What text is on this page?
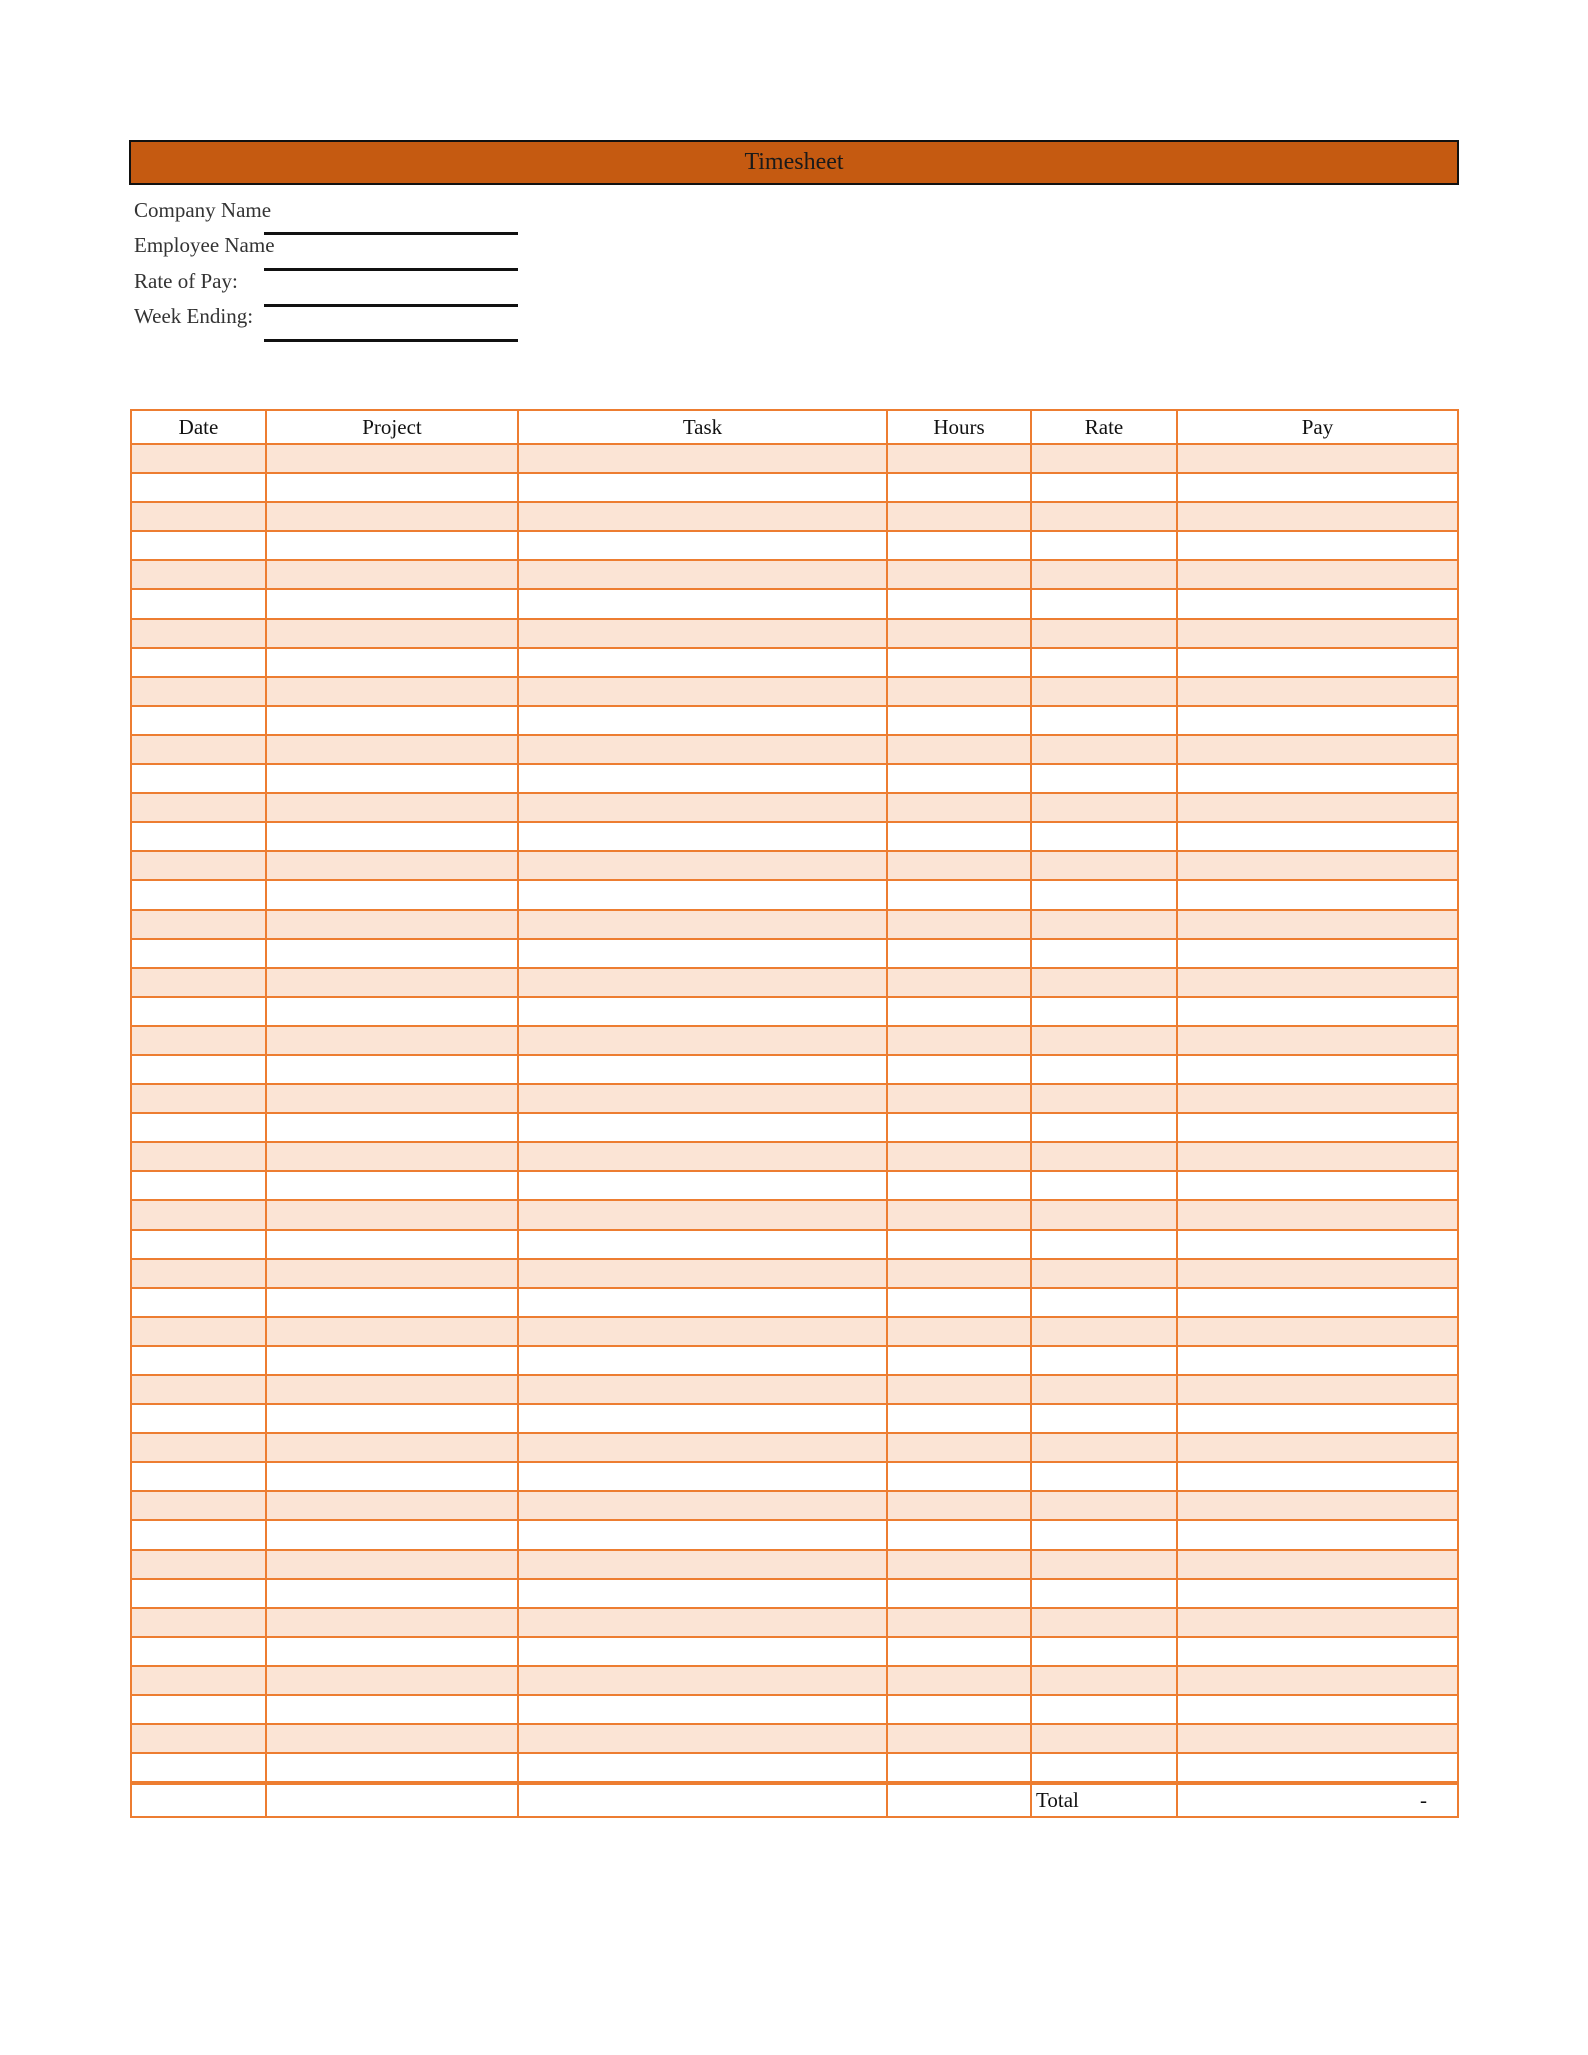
Timesheet
Company Name
Employee Name
Rate of Pay:
Week Ending:
Date	Project	Task	Hours	Rate	Pay

				Total	-
